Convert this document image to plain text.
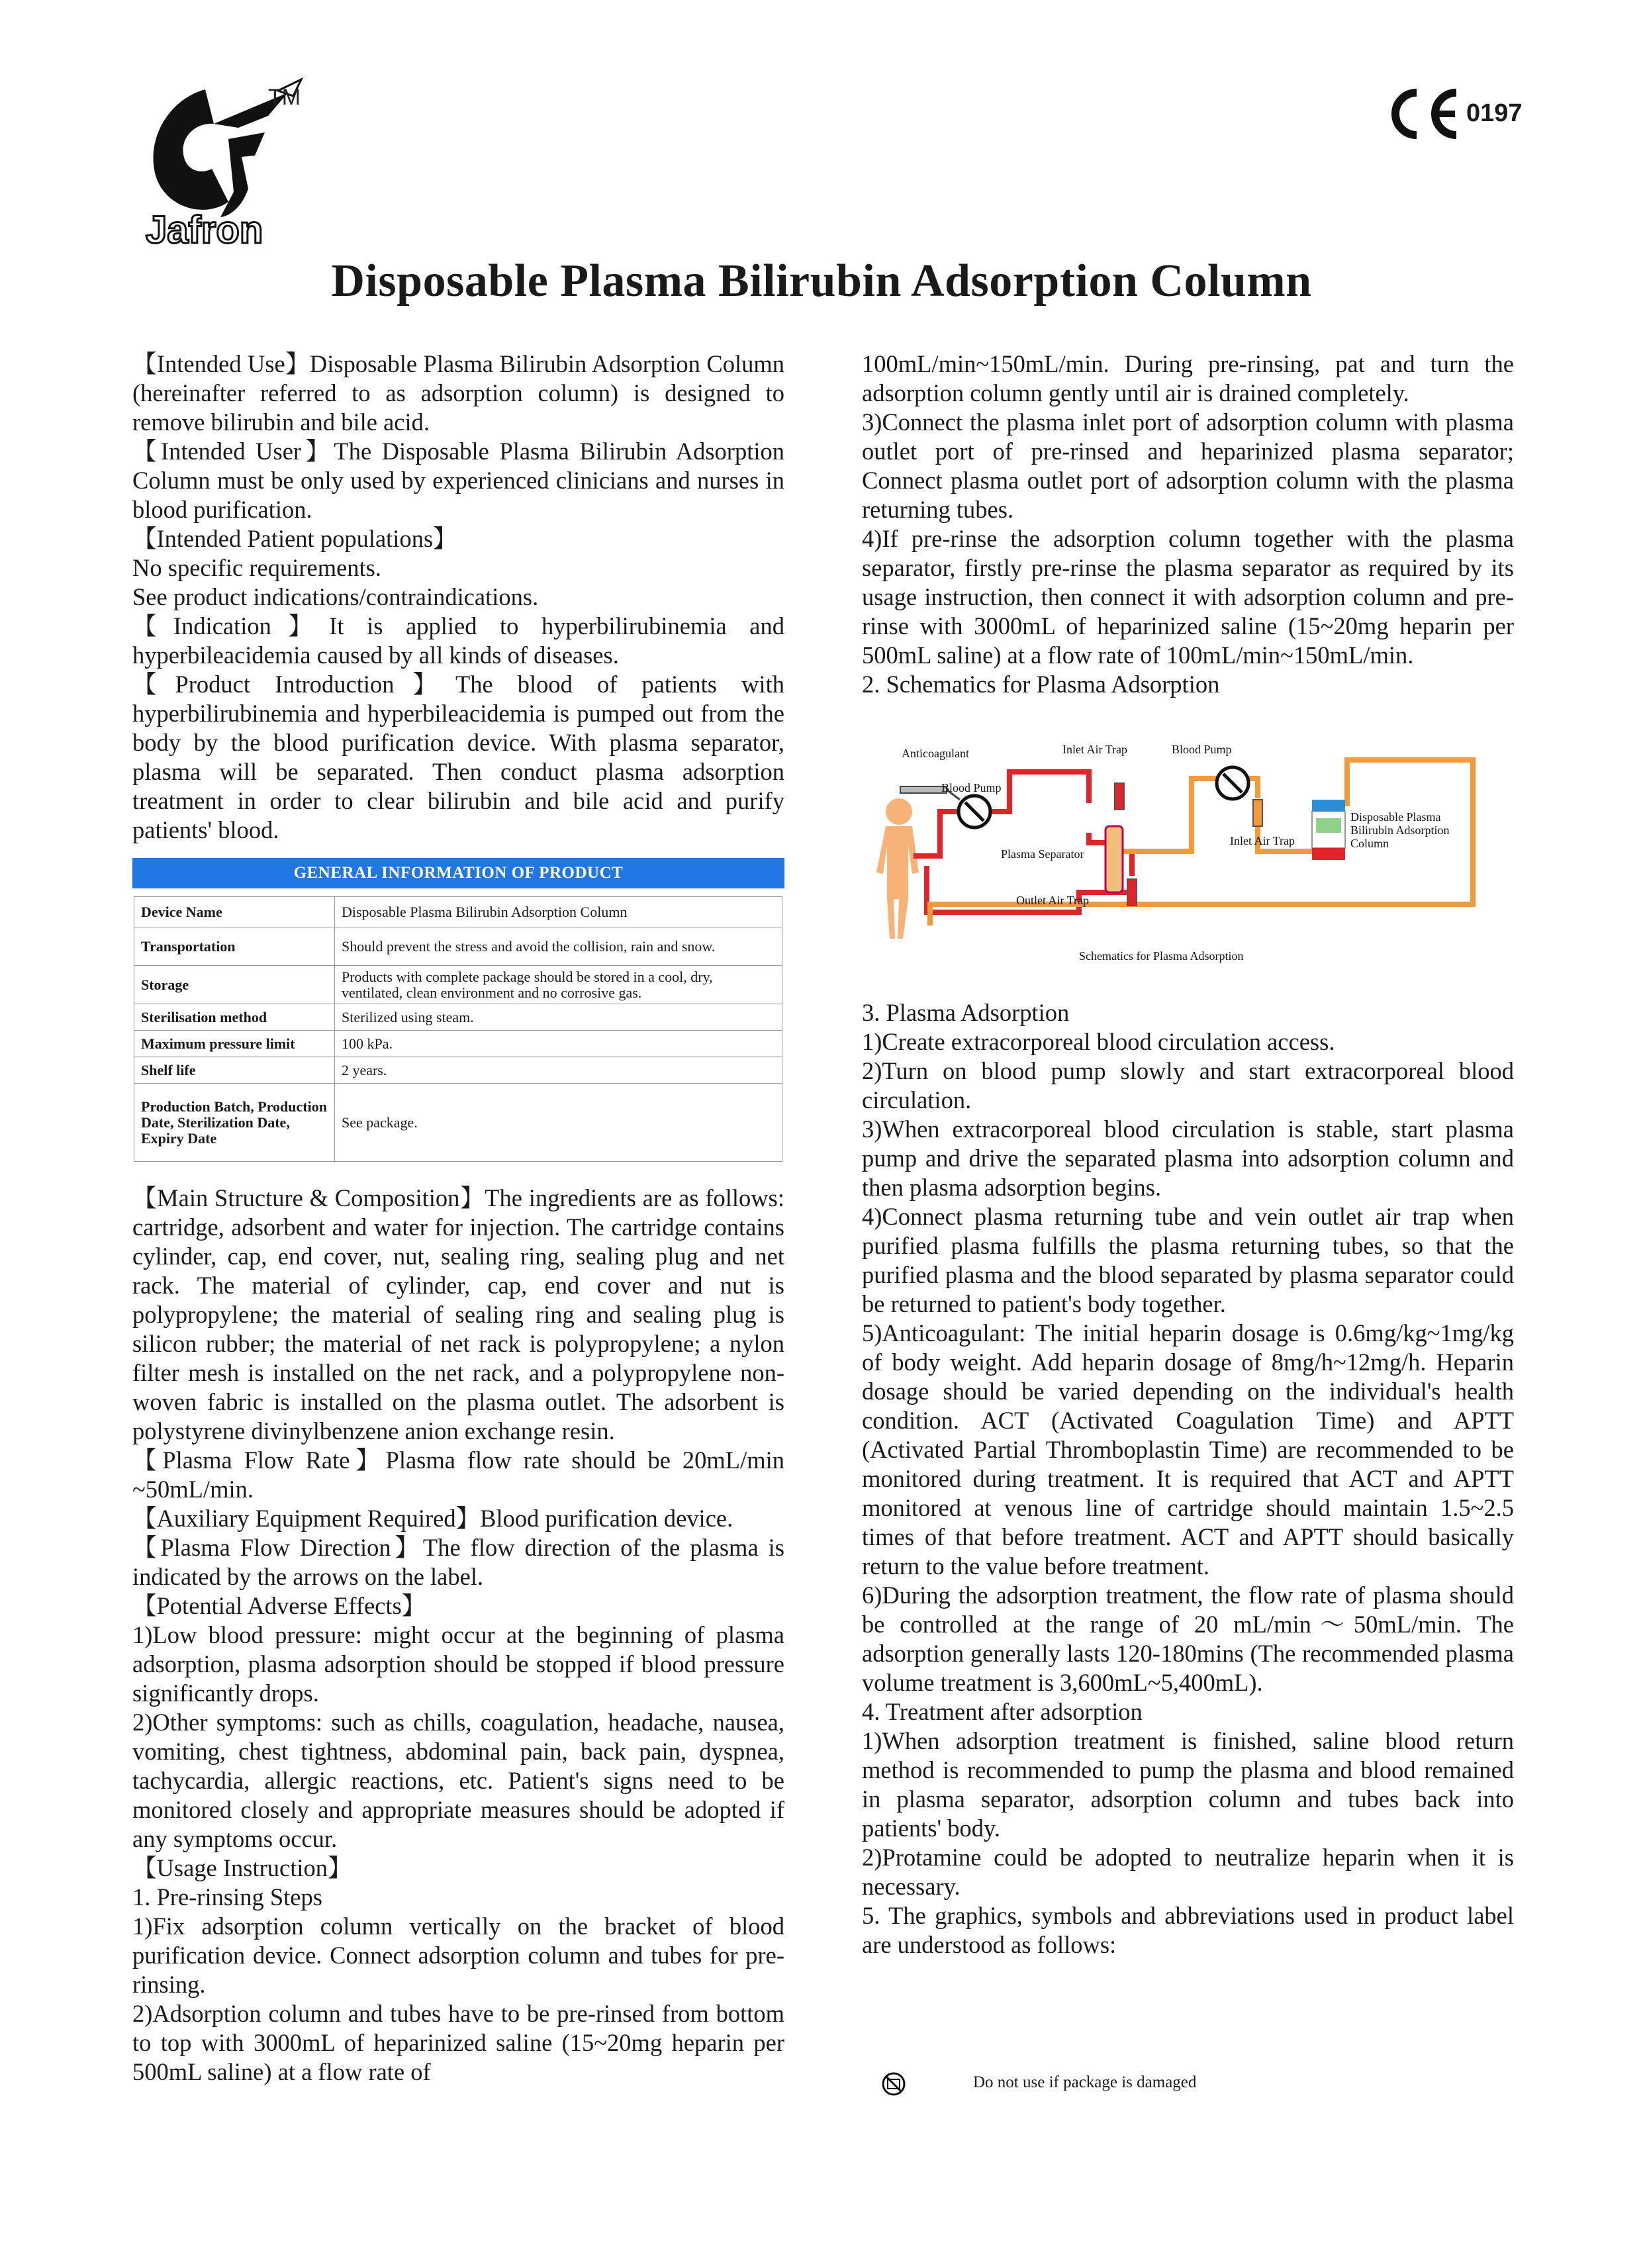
Jafron
TM
0197
Disposable Plasma Bilirubin Adsorption Column

【Intended Use】Disposable Plasma Bilirubin Adsorption Column (hereinafter referred to as adsorption column) is designed to remove bilirubin and bile acid.

【Intended User】The Disposable Plasma Bilirubin Adsorption Column must be only used by experienced clinicians and nurses in blood purification.

【Intended Patient populations】

No specific requirements.

See product indications/contraindications.

【Indication】It is applied to hyperbilirubinemia and hyperbileacidemia caused by all kinds of diseases.

【Product Introduction】The blood of patients with hyperbilirubinemia and hyperbileacidemia is pumped out from the body by the blood purification device. With plasma separator, plasma will be separated. Then conduct plasma adsorption treatment in order to clear bilirubin and bile acid and purify patients' blood.

GENERAL INFORMATION OF PRODUCT
Device Name	Disposable Plasma Bilirubin Adsorption Column
Transportation	Should prevent the stress and avoid the collision, rain and snow.
Storage	Products with complete package should be stored in a cool, dry, ventilated, clean environment and no corrosive gas.
Sterilisation method	Sterilized using steam.
Maximum pressure limit	100 kPa.
Shelf life	2 years.
Production Batch, Production Date, Sterilization Date, Expiry Date	See package.

【Main Structure & Composition】The ingredients are as follows: cartridge, adsorbent and water for injection. The cartridge contains cylinder, cap, end cover, nut, sealing ring, sealing plug and net rack. The material of cylinder, cap, end cover and nut is polypropylene; the material of sealing ring and sealing plug is silicon rubber; the material of net rack is polypropylene; a nylon filter mesh is installed on the net rack, and a polypropylene non-woven fabric is installed on the plasma outlet. The adsorbent is polystyrene divinylbenzene anion exchange resin.

【Plasma Flow Rate】Plasma flow rate should be 20mL/min ~50mL/min.

【Auxiliary Equipment Required】Blood purification device.

【Plasma Flow Direction】The flow direction of the plasma is indicated by the arrows on the label.

【Potential Adverse Effects】

1)Low blood pressure: might occur at the beginning of plasma adsorption, plasma adsorption should be stopped if blood pressure significantly drops.

2)Other symptoms: such as chills, coagulation, headache, nausea, vomiting, chest tightness, abdominal pain, back pain, dyspnea, tachycardia, allergic reactions, etc. Patient's signs need to be monitored closely and appropriate measures should be adopted if any symptoms occur.

【Usage Instruction】

1. Pre-rinsing Steps

1)Fix adsorption column vertically on the bracket of blood purification device. Connect adsorption column and tubes for pre-rinsing.

2)Adsorption column and tubes have to be pre-rinsed from bottom to top with 3000mL of heparinized saline (15~20mg heparin per 500mL saline) at a flow rate of

100mL/min~150mL/min. During pre-rinsing, pat and turn the adsorption column gently until air is drained completely.

3)Connect the plasma inlet port of adsorption column with plasma outlet port of pre-rinsed and heparinized plasma separator; Connect plasma outlet port of adsorption column with the plasma returning tubes.

4)If pre-rinse the adsorption column together with the plasma separator, firstly pre-rinse the plasma separator as required by its usage instruction, then connect it with adsorption column and pre-rinse with 3000mL of heparinized saline (15~20mg heparin per 500mL saline) at a flow rate of 100mL/min~150mL/min.

2. Schematics for Plasma Adsorption

Anticoagulant	Inlet Air Trap	Blood Pump
Blood Pump
Plasma Separator
Inlet Air Trap
Outlet Air Trap
Disposable Plasma
Bilirubin Adsorption
Column
Schematics for Plasma Adsorption

3. Plasma Adsorption

1)Create extracorporeal blood circulation access.

2)Turn on blood pump slowly and start extracorporeal blood circulation.

3)When extracorporeal blood circulation is stable, start plasma pump and drive the separated plasma into adsorption column and then plasma adsorption begins.

4)Connect plasma returning tube and vein outlet air trap when purified plasma fulfills the plasma returning tubes, so that the purified plasma and the blood separated by plasma separator could be returned to patient's body together.

5)Anticoagulant: The initial heparin dosage is 0.6mg/kg~1mg/kg of body weight. Add heparin dosage of 8mg/h~12mg/h. Heparin dosage should be varied depending on the individual's health condition. ACT (Activated Coagulation Time) and APTT (Activated Partial Thromboplastin Time) are recommended to be monitored during treatment. It is required that ACT and APTT monitored at venous line of cartridge should maintain 1.5~2.5 times of that before treatment. ACT and APTT should basically return to the value before treatment.

6)During the adsorption treatment, the flow rate of plasma should be controlled at the range of 20 mL/min～50mL/min. The adsorption generally lasts 120-180mins (The recommended plasma volume treatment is 3,600mL~5,400mL).

4. Treatment after adsorption

1)When adsorption treatment is finished, saline blood return method is recommended to pump the plasma and blood remained in plasma separator, adsorption column and tubes back into patients' body.

2)Protamine could be adopted to neutralize heparin when it is necessary.

5. The graphics, symbols and abbreviations used in product label are understood as follows:

Do not use if package is damaged
